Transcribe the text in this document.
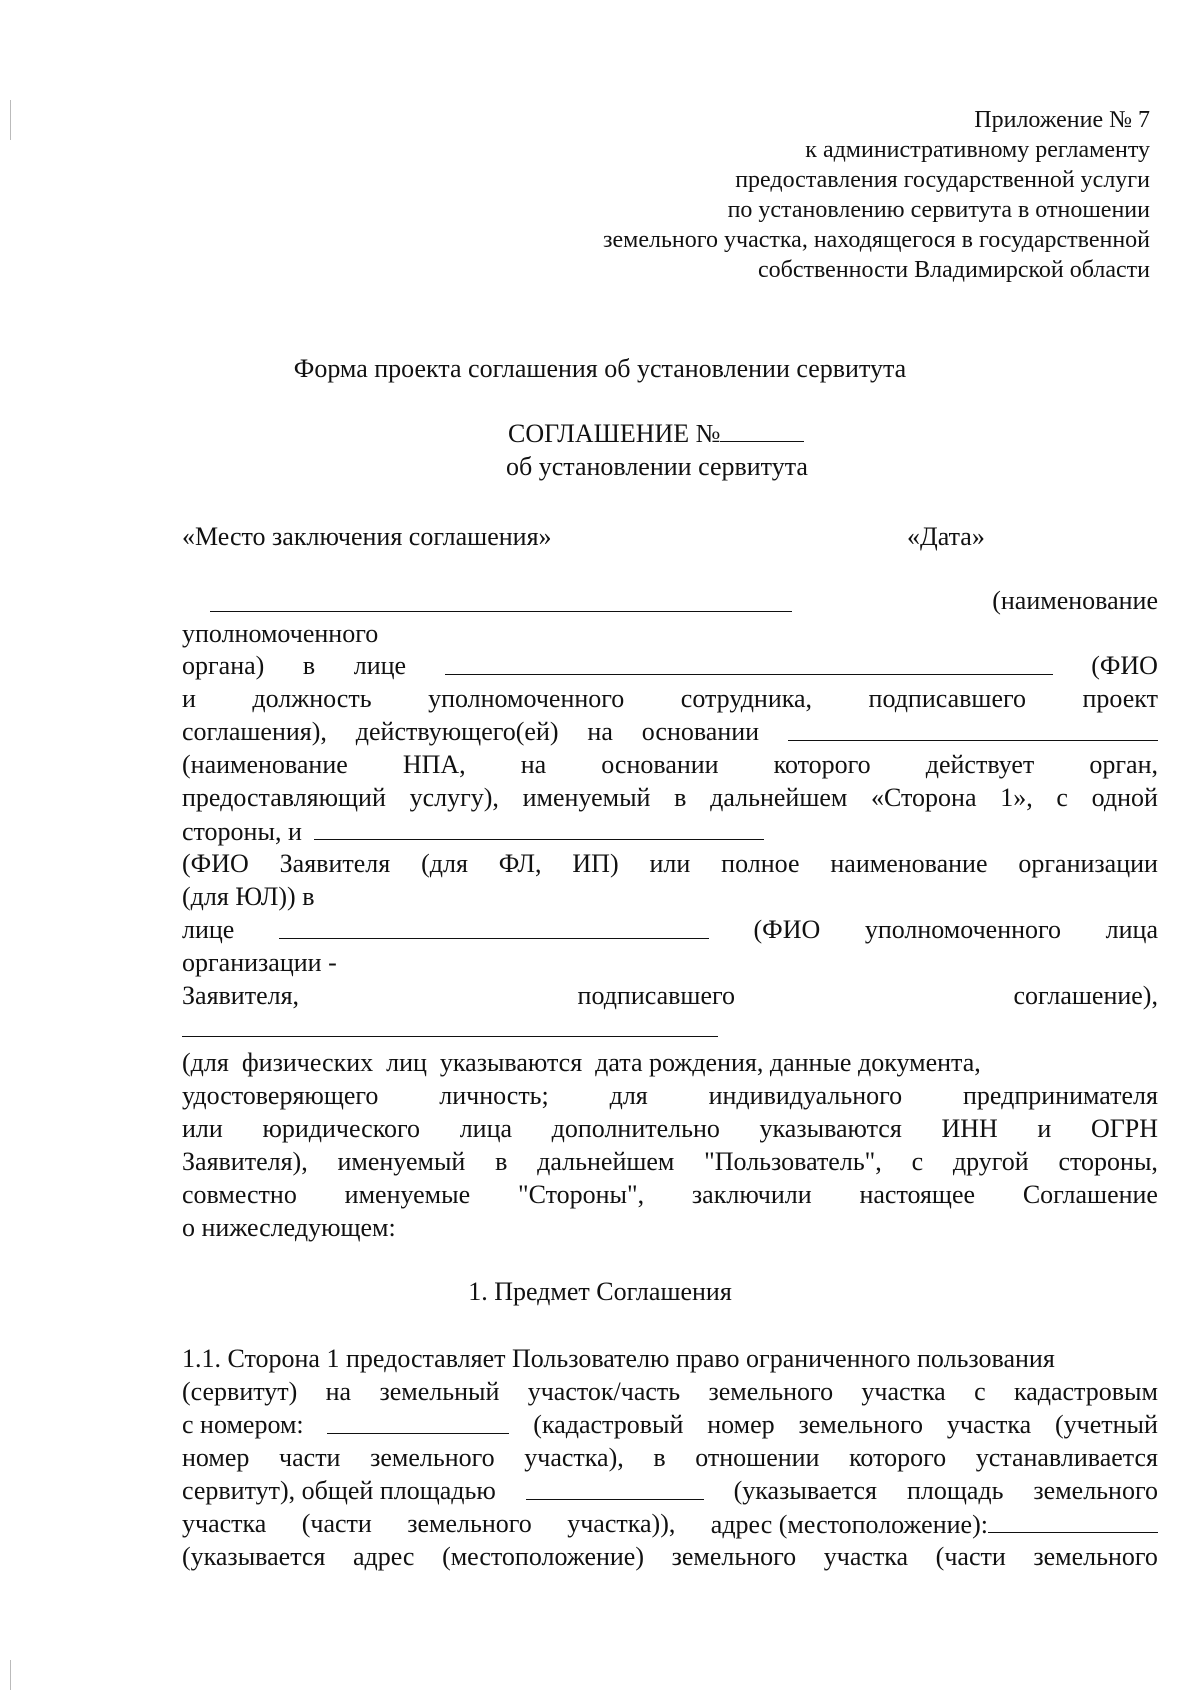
Приложение № 7
к административному регламенту
предоставления государственной услуги
по установлению сервитута в отношении
земельного участка, находящегося в государственной
собственности Владимирской области
Форма проекта соглашения об установлении сервитута
СОГЛАШЕНИЕ №
об установлении сервитута
«Место заключения соглашения»	«Дата»
(наименование
уполномоченного
органа) в лице	(ФИО
и должность уполномоченного сотрудника, подписавшего проект
соглашения), действующего(ей) на основании
(наименование НПА, на основании которого действует орган,
предоставляющий услугу), именуемый в дальнейшем «Сторона 1», с одной
стороны, и
(ФИО Заявителя (для ФЛ, ИП) или полное наименование организации
(для ЮЛ)) в
лице	(ФИО уполномоченного лица
организации -
Заявителя,	подписавшего	соглашение),
(для  физических  лиц  указываются  дата рождения, данные документа,
удостоверяющего личность; для индивидуального предпринимателя
или юридического лица дополнительно указываются ИНН и ОГРН
Заявителя), именуемый в дальнейшем "Пользователь", с другой стороны,
совместно именуемые "Стороны", заключили настоящее Соглашение
о нижеследующем:
1. Предмет Соглашения
1.1. Сторона 1 предоставляет Пользователю право ограниченного пользования
(сервитут) на земельный участок/часть земельного участка с кадастровым
с номером:	(кадастровый номер земельного участка (учетный
номер части земельного участка), в отношении которого устанавливается
сервитут), общей площадью	(указывается площадь земельного
участка (части земельного участка)), адрес (местоположение):
(указывается адрес (местоположение) земельного участка (части земельного
